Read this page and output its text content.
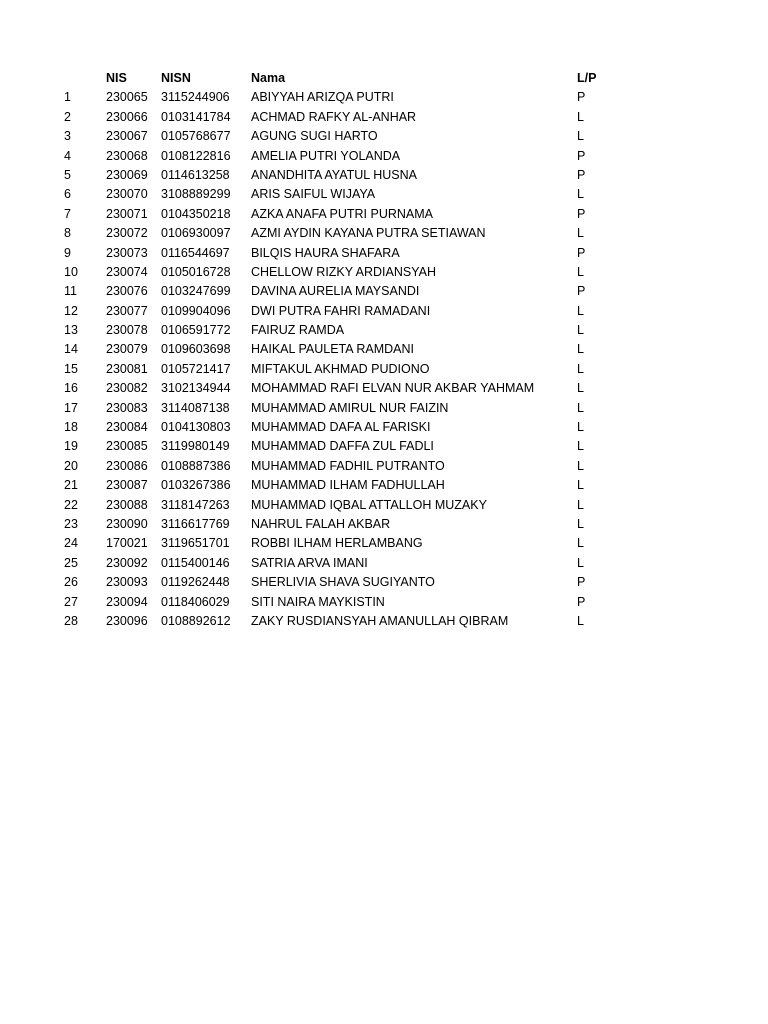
NIS	NISN	Nama	L/P
1	230065 3115244906 ABIYYAH ARIZQA PUTRI	P
2	230066 0103141784 ACHMAD RAFKY AL-ANHAR	L
3	230067 0105768677 AGUNG SUGI HARTO	L
4	230068 0108122816 AMELIA PUTRI YOLANDA	P
5	230069 0114613258 ANANDHITA AYATUL HUSNA	P
6	230070 3108889299 ARIS SAIFUL WIJAYA	L
7	230071 0104350218 AZKA ANAFA PUTRI PURNAMA	P
8	230072 0106930097 AZMI AYDIN KAYANA PUTRA SETIAWAN	L
9	230073 0116544697 BILQIS HAURA SHAFARA	P
10 230074 0105016728 CHELLOW RIZKY ARDIANSYAH	L
11 230076 0103247699 DAVINA AURELIA MAYSANDI	P
12 230077 0109904096 DWI PUTRA FAHRI RAMADANI	L
13 230078 0106591772 FAIRUZ RAMDA	L
14 230079 0109603698 HAIKAL PAULETA RAMDANI	L
15 230081 0105721417 MIFTAKUL AKHMAD PUDIONO	L
16 230082 3102134944 MOHAMMAD RAFI ELVAN NUR AKBAR YAHMAM	L
17 230083 3114087138 MUHAMMAD AMIRUL NUR FAIZIN	L
18 230084 0104130803 MUHAMMAD DAFA AL FARISKI	L
19 230085 3119980149 MUHAMMAD DAFFA ZUL FADLI	L
20 230086 0108887386 MUHAMMAD FADHIL PUTRANTO	L
21 230087 0103267386 MUHAMMAD ILHAM FADHULLAH	L
22 230088 3118147263 MUHAMMAD IQBAL ATTALLOH MUZAKY	L
23 230090 3116617769 NAHRUL FALAH AKBAR	L
24 170021 3119651701 ROBBI ILHAM HERLAMBANG	L
25 230092 0115400146 SATRIA ARVA IMANI	L
26 230093 0119262448 SHERLIVIA SHAVA SUGIYANTO	P
27 230094 0118406029 SITI NAIRA MAYKISTIN	P
28 230096 0108892612 ZAKY RUSDIANSYAH AMANULLAH QIBRAM	L
